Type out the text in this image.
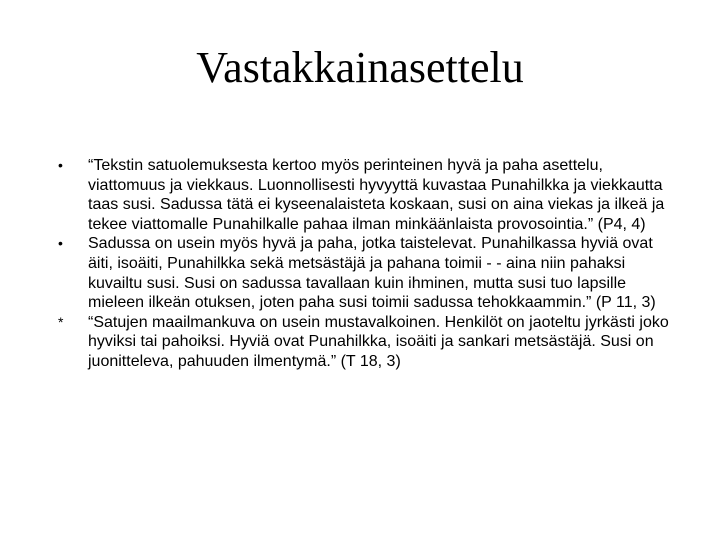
Vastakkainasettelu
•	“Tekstin satuolemuksesta kertoo myös perinteinen hyvä ja paha asettelu, viattomuus ja viekkaus. Luonnollisesti hyvyyttä kuvastaa Punahilkka ja viekkautta taas susi. Sadussa tätä ei kyseenalaisteta koskaan, susi on aina viekas ja ilkeä ja tekee viattomalle Punahilkalle pahaa ilman minkäänlaista provosointia.” (P4, 4)
•	Sadussa on usein myös hyvä ja paha, jotka taistelevat. Punahilkassa hyviä ovat äiti, isoäiti, Punahilkka sekä metsästäjä ja pahana toimii - - aina niin pahaksi kuvailtu susi. Susi on sadussa tavallaan kuin ihminen, mutta susi tuo lapsille mieleen ilkeän otuksen, joten paha susi toimii sadussa tehokkaammin.” (P 11, 3)
*	“Satujen maailmankuva on usein mustavalkoinen. Henkilöt on jaoteltu jyrkästi joko hyviksi tai pahoiksi. Hyviä ovat Punahilkka, isoäiti ja sankari metsästäjä. Susi on juonitteleva, pahuuden ilmentymä.” (T 18, 3)
